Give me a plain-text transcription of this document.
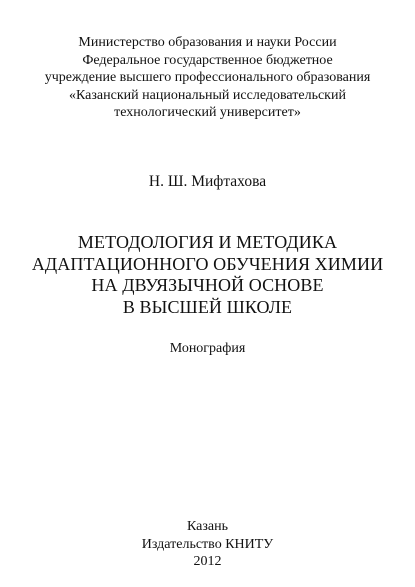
Министерство образования и науки России
Федеральное государственное бюджетное
учреждение высшего профессионального образования
«Казанский национальный исследовательский
технологический университет»
Н. Ш. Мифтахова
МЕТОДОЛОГИЯ И МЕТОДИКА
АДАПТАЦИОННОГО ОБУЧЕНИЯ ХИМИИ
НА ДВУЯЗЫЧНОЙ ОСНОВЕ
В ВЫСШЕЙ ШКОЛЕ
Монография
Казань
Издательство КНИТУ
2012
